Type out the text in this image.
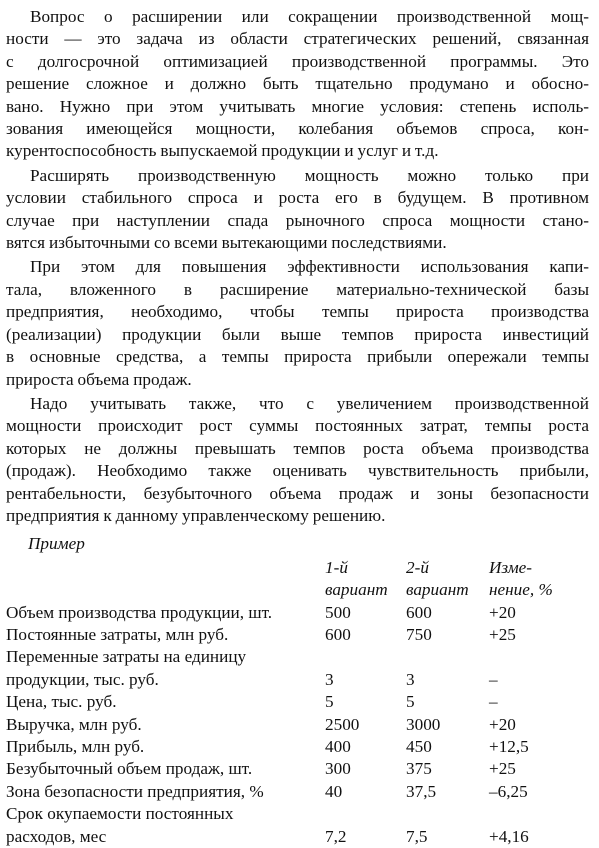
Вопрос о расширении или сокращении производственной мощ-
ности — это задача из области стратегических решений, связанная
с долгосрочной оптимизацией производственной программы. Это
решение сложное и должно быть тщательно продумано и обосно-
вано. Нужно при этом учитывать многие условия: степень исполь-
зования имеющейся мощности, колебания объемов спроса, кон-
курентоспособность выпускаемой продукции и услуг и т.д.
Расширять производственную мощность можно только при
условии стабильного спроса и роста его в будущем. В противном
случае при наступлении спада рыночного спроса мощности стано-
вятся избыточными со всеми вытекающими последствиями.
При этом для повышения эффективности использования капи-
тала, вложенного в расширение материально-технической базы
предприятия, необходимо, чтобы темпы прироста производства
(реализации) продукции были выше темпов прироста инвестиций
в основные средства, а темпы прироста прибыли опережали темпы
прироста объема продаж.
Надо учитывать также, что с увеличением производственной
мощности происходит рост суммы постоянных затрат, темпы роста
которых не должны превышать темпов роста объема производства
(продаж). Необходимо также оценивать чувствительность прибыли,
рентабельности, безубыточного объема продаж и зоны безопасности
предприятия к данному управленческому решению.
Пример
	1-й	2-й	Изме-
	вариант	вариант	нение, %
Объем производства продукции, шт.	500	600	+20
Постоянные затраты, млн руб.	600	750	+25
Переменные затраты на единицу			
продукции, тыс. руб.	3	3	–
Цена, тыс. руб.	5	5	–
Выручка, млн руб.	2500	3000	+20
Прибыль, млн руб.	400	450	+12,5
Безубыточный объем продаж, шт.	300	375	+25
Зона безопасности предприятия, %	40	37,5	–6,25
Срок окупаемости постоянных			
расходов, мес	7,2	7,5	+4,16
